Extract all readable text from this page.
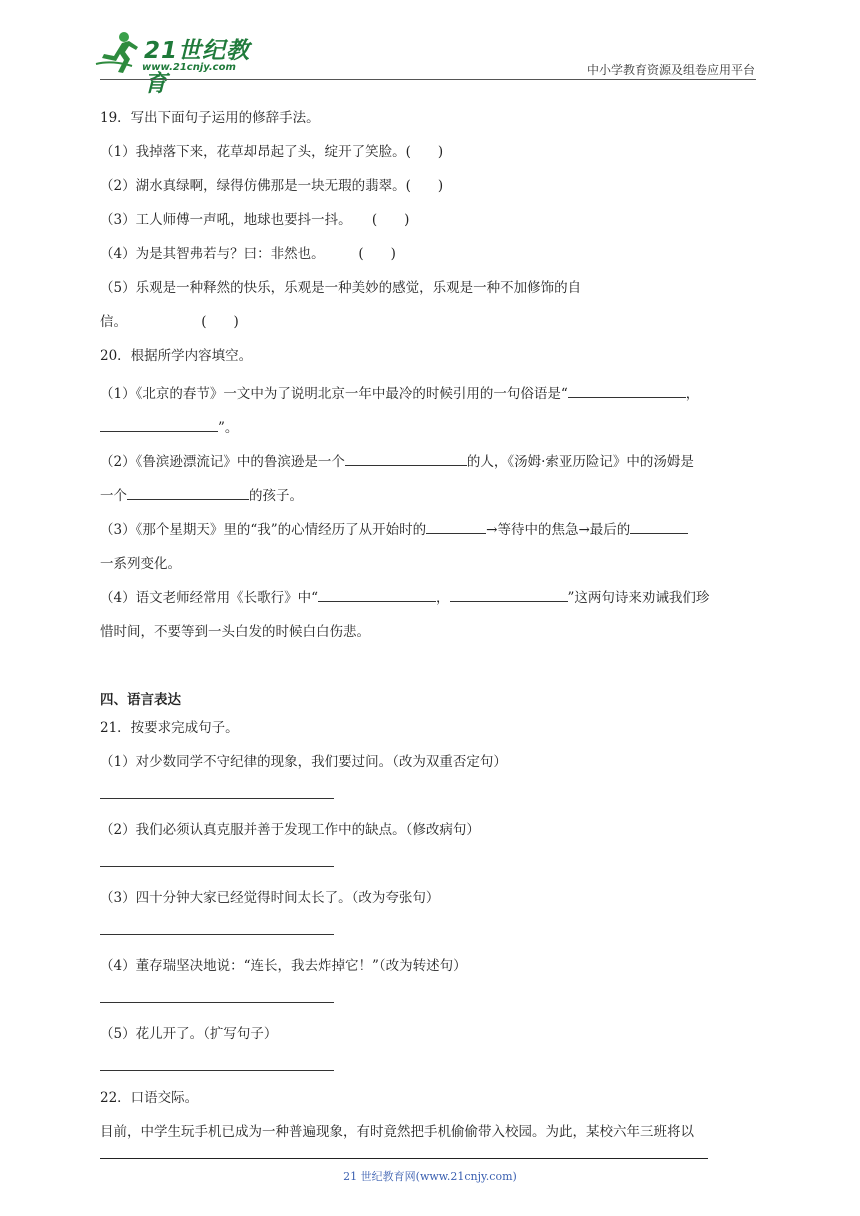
21世纪教育
www.21cnjy.com	中小学教育资源及组卷应用平台
19．写出下面句子运用的修辞手法。
（1）我掉落下来，花草却昂起了头，绽开了笑脸。(　　)
（2）湖水真绿啊，绿得仿佛那是一块无瑕的翡翠。(　　)
（3）工人师傅一声吼，地球也要抖一抖。　　(　　)
（4）为是其智弗若与？曰：非然也。　　　(　　)
（5）乐观是一种释然的快乐，乐观是一种美妙的感觉，乐观是一种不加修饰的自
信。　　　　　　(　　)
20．根据所学内容填空。
（1）《北京的春节》一文中为了说明北京一年中最冷的时候引用的一句俗语是“	，
”。
（2）《鲁滨逊漂流记》中的鲁滨逊是一个	的人，《汤姆·索亚历险记》中的汤姆是
一个	的孩子。
（3）《那个星期天》里的“我”的心情经历了从开始时的	→等待中的焦急→最后的
一系列变化。
（4）语文老师经常用《长歌行》中“	，	”这两句诗来劝诫我们珍
惜时间，不要等到一头白发的时候白白伤悲。
四、语言表达
21．按要求完成句子。
（1）对少数同学不守纪律的现象，我们要过问。（改为双重否定句）
（2）我们必须认真克服并善于发现工作中的缺点。（修改病句）
（3）四十分钟大家已经觉得时间太长了。（改为夸张句）
（4）董存瑞坚决地说：“连长，我去炸掉它！”（改为转述句）
（5）花儿开了。（扩写句子）
22．口语交际。
目前，中学生玩手机已成为一种普遍现象，有时竟然把手机偷偷带入校园。为此，某校六年三班将以
21 世纪教育网(www.21cnjy.com)
